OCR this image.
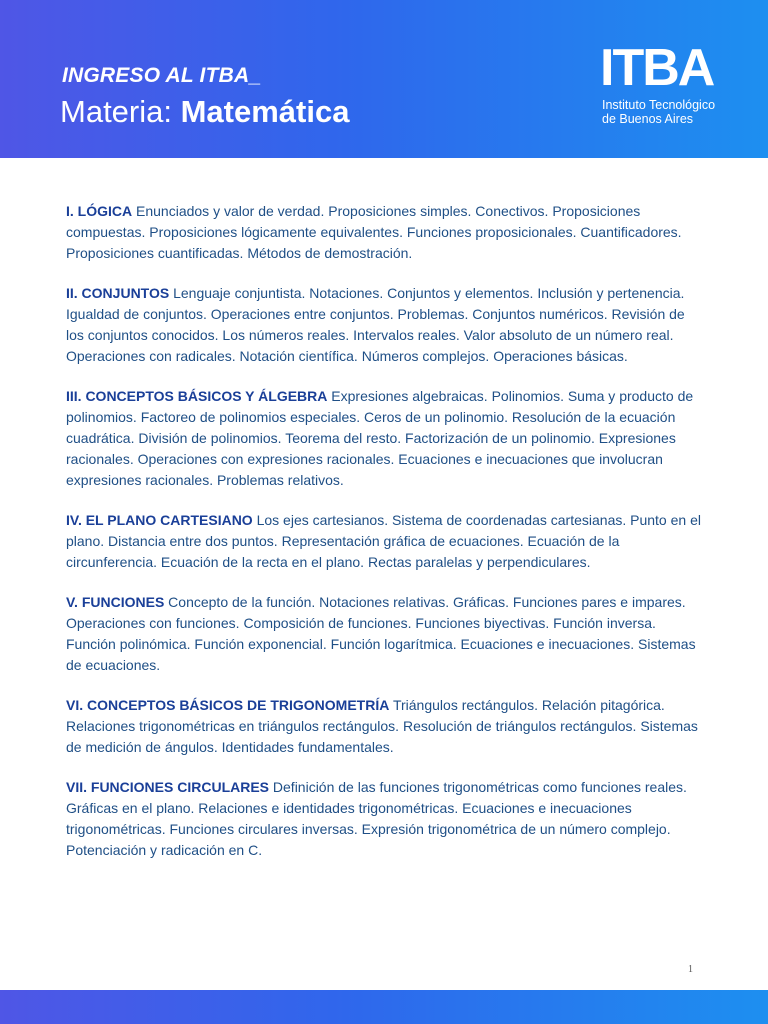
INGRESO AL ITBA_
Materia: Matemática
ITBA
Instituto Tecnológico
de Buenos Aires

I. LÓGICA Enunciados y valor de verdad. Proposiciones simples. Conectivos. Proposiciones compuestas. Proposiciones lógicamente equivalentes. Funciones proposicionales. Cuantificadores. Proposiciones cuantificadas. Métodos de demostración.

II. CONJUNTOS Lenguaje conjuntista. Notaciones. Conjuntos y elementos. Inclusión y pertenencia. Igualdad de conjuntos. Operaciones entre conjuntos. Problemas. Conjuntos numéricos. Revisión de los conjuntos conocidos. Los números reales. Intervalos reales. Valor absoluto de un número real. Operaciones con radicales. Notación científica. Números complejos. Operaciones básicas.

III. CONCEPTOS BÁSICOS Y ÁLGEBRA Expresiones algebraicas. Polinomios. Suma y producto de polinomios. Factoreo de polinomios especiales. Ceros de un polinomio. Resolución de la ecuación cuadrática. División de polinomios. Teorema del resto. Factorización de un polinomio. Expresiones racionales. Operaciones con expresiones racionales. Ecuaciones e inecuaciones que involucran expresiones racionales. Problemas relativos.

IV. EL PLANO CARTESIANO Los ejes cartesianos. Sistema de coordenadas cartesianas. Punto en el plano. Distancia entre dos puntos. Representación gráfica de ecuaciones. Ecuación de la circunferencia. Ecuación de la recta en el plano. Rectas paralelas y perpendiculares.

V. FUNCIONES Concepto de la función. Notaciones relativas. Gráficas. Funciones pares e impares. Operaciones con funciones. Composición de funciones. Funciones biyectivas. Función inversa. Función polinómica. Función exponencial. Función logarítmica. Ecuaciones e inecuaciones. Sistemas de ecuaciones.

VI. CONCEPTOS BÁSICOS DE TRIGONOMETRÍA Triángulos rectángulos. Relación pitagórica. Relaciones trigonométricas en triángulos rectángulos. Resolución de triángulos rectángulos. Sistemas de medición de ángulos. Identidades fundamentales.

VII. FUNCIONES CIRCULARES Definición de las funciones trigonométricas como funciones reales. Gráficas en el plano. Relaciones e identidades trigonométricas. Ecuaciones e inecuaciones trigonométricas. Funciones circulares inversas. Expresión trigonométrica de un número complejo. Potenciación y radicación en C.

1
